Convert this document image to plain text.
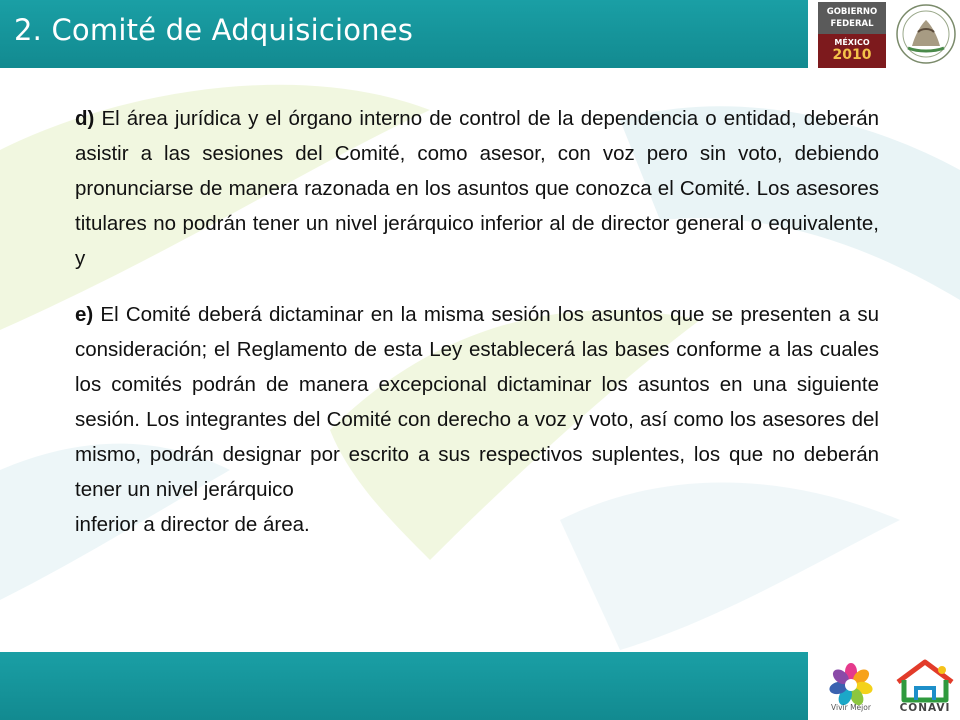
2. Comité de Adquisiciones
GOBIERNO
FEDERAL
MÉXICO
2010

d) El área jurídica y el órgano interno de control de la dependencia o entidad, deberán asistir a las sesiones del Comité, como asesor, con voz pero sin voto, debiendo pronunciarse de manera razonada en los asuntos que conozca el Comité. Los asesores titulares no podrán tener un nivel jerárquico inferior al de director general o equivalente, y

e) El Comité deberá dictaminar en la misma sesión los asuntos que se presenten a su consideración; el Reglamento de esta Ley establecerá las bases conforme a las cuales los comités podrán de manera excepcional dictaminar los asuntos en una siguiente sesión. Los integrantes del Comité con derecho a voz y voto, así como los asesores del mismo, podrán designar por escrito a sus respectivos suplentes, los que no deberán tener un nivel jerárquico

inferior a director de área.
Vivir Mejor	CONAVI
